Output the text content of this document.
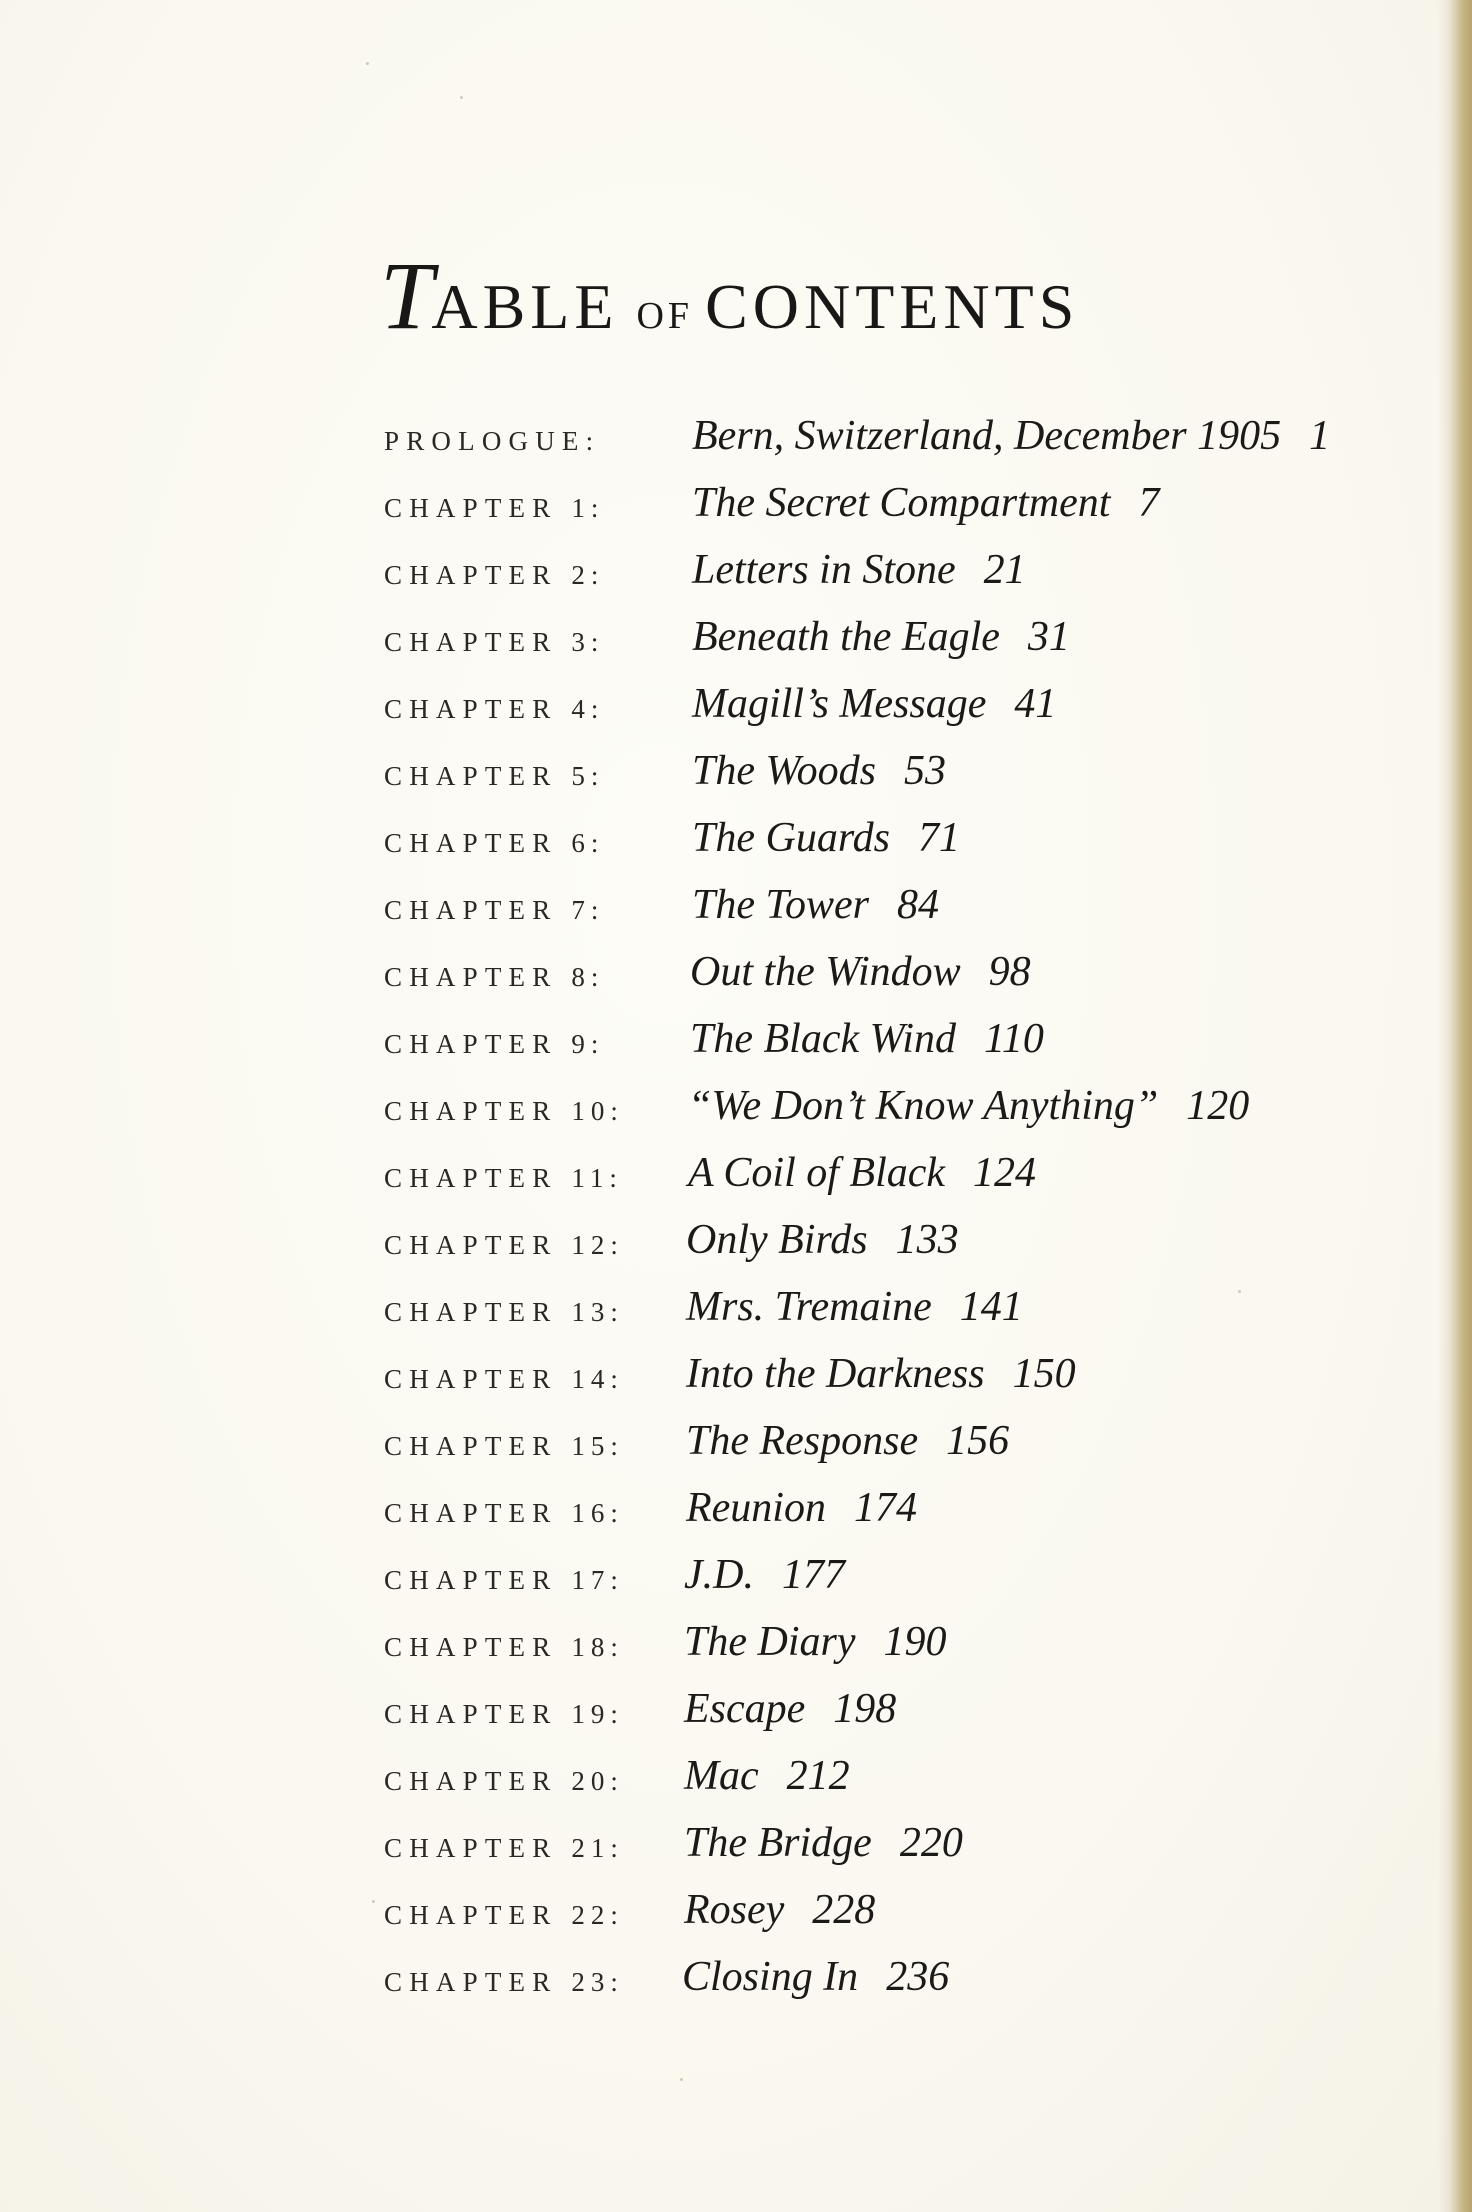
TABLE OF CONTENTS
PROLOGUE: Bern, Switzerland, December 1905 1
CHAPTER 1: The Secret Compartment 7
CHAPTER 2: Letters in Stone 21
CHAPTER 3: Beneath the Eagle 31
CHAPTER 4: Magill’s Message 41
CHAPTER 5: The Woods 53
CHAPTER 6: The Guards 71
CHAPTER 7: The Tower 84
CHAPTER 8: Out the Window 98
CHAPTER 9: The Black Wind 110
CHAPTER 10: “We Don’t Know Anything” 120
CHAPTER 11: A Coil of Black 124
CHAPTER 12: Only Birds 133
CHAPTER 13: Mrs. Tremaine 141
CHAPTER 14: Into the Darkness 150
CHAPTER 15: The Response 156
CHAPTER 16: Reunion 174
CHAPTER 17: J.D. 177
CHAPTER 18: The Diary 190
CHAPTER 19: Escape 198
CHAPTER 20: Mac 212
CHAPTER 21: The Bridge 220
CHAPTER 22: Rosey 228
CHAPTER 23: Closing In 236
